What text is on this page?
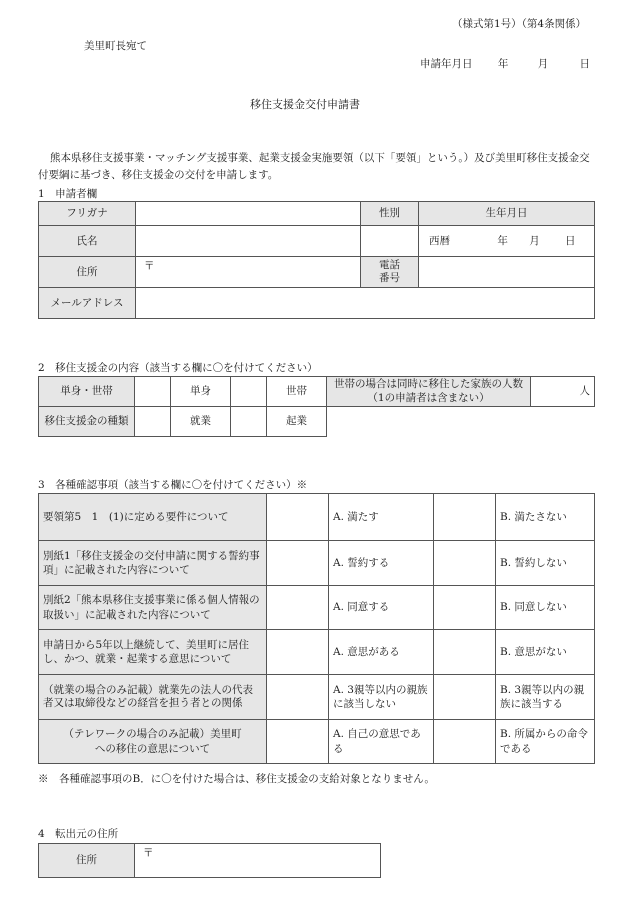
（様式第1号）（第4条関係）
美里町長宛て
申請年月日 年	月	日
移住支援金交付申請書
熊本県移住支援事業・マッチング支援事業、起業支援金実施要領（以下「要領」という。）及び美里町移住支援金交付要綱に基づき、移住支援金の交付を申請します。
1　申請者欄
フリガナ		性別	生年月日
氏名			西暦 年 月 日
住所	〒	電話
番号	
メールアドレス			
2　移住支援金の内容（該当する欄に〇を付けてください）
単身・世帯		単身		世帯	世帯の場合は同時に移住した家族の人数（1の申請者は含まない）	人
移住支援金の種類		就業		起業		
3　各種確認事項（該当する欄に〇を付けてください）※
要領第5　1　(1)に定める要件について		A. 満たす		B. 満たさない
別紙1「移住支援金の交付申請に関する誓約事項」に記載された内容について		A. 誓約する		B. 誓約しない
別紙2「熊本県移住支援事業に係る個人情報の取扱い」に記載された内容について		A. 同意する		B. 同意しない
申請日から5年以上継続して、美里町に居住し、かつ、就業・起業する意思について		A. 意思がある		B. 意思がない
（就業の場合のみ記載）就業先の法人の代表者又は取締役などの経営を担う者との関係		A. 3親等以内の親族に該当しない		B. 3親等以内の親族に該当する
（テレワークの場合のみ記載）美里町への移住の意思について		A. 自己の意思である		B. 所属からの命令である
※　各種確認事項のB．に〇を付けた場合は、移住支援金の支給対象となりません。
4　転出元の住所
住所	〒
